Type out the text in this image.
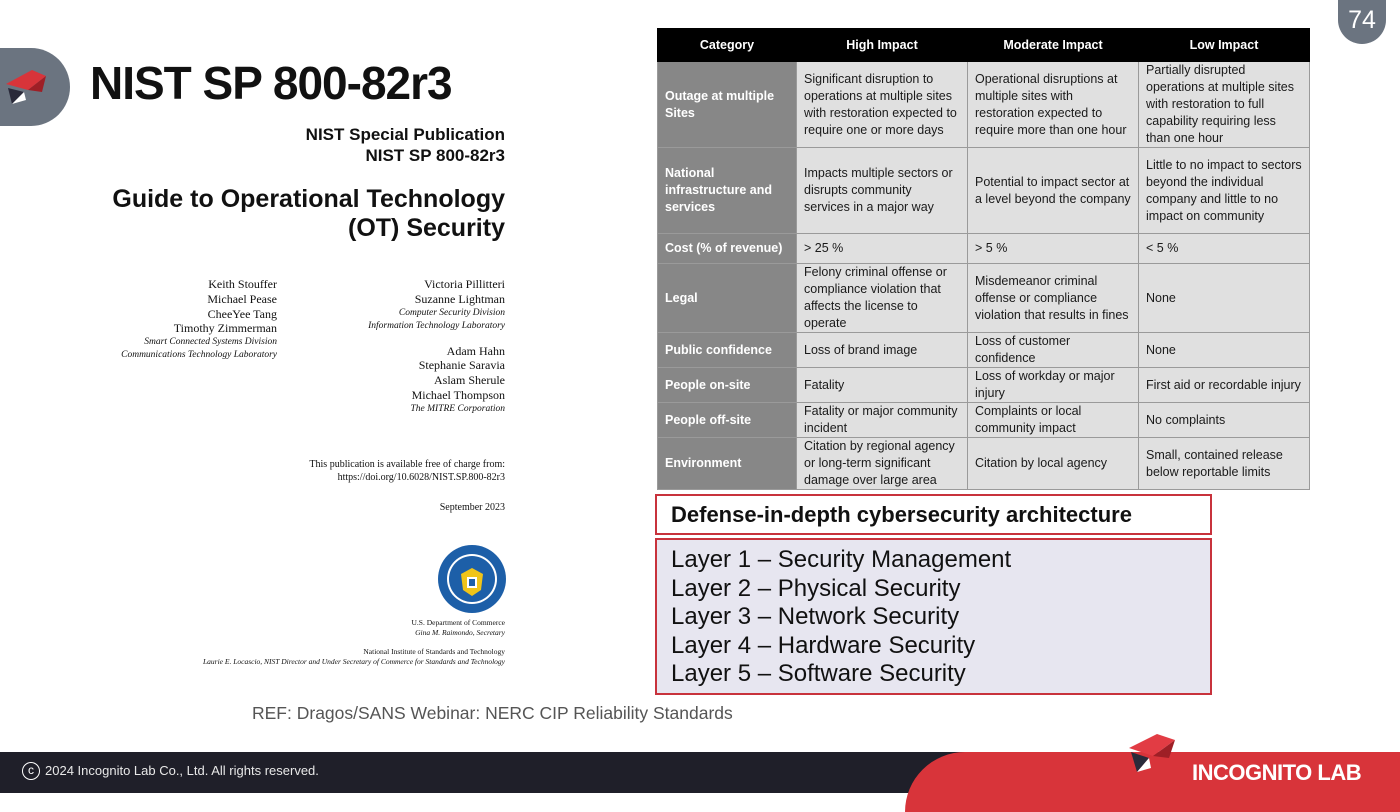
74
NIST SP 800-82r3
NIST Special Publication
NIST SP 800-82r3
Guide to Operational Technology
(OT) Security
Keith Stouffer
Michael Pease
CheeYee Tang
Timothy Zimmerman
Smart Connected Systems Division
Communications Technology Laboratory
Victoria Pillitteri
Suzanne Lightman
Computer Security Division
Information Technology Laboratory
Adam Hahn
Stephanie Saravia
Aslam Sherule
Michael Thompson
The MITRE Corporation
This publication is available free of charge from:
https://doi.org/10.6028/NIST.SP.800-82r3
September 2023
U.S. Department of Commerce
Gina M. Raimondo, Secretary
National Institute of Standards and Technology
Laurie E. Locascio, NIST Director and Under Secretary of Commerce for Standards and Technology
REF: Dragos/SANS Webinar: NERC CIP Reliability Standards
Category	High Impact	Moderate Impact	Low Impact
Outage at multiple Sites	Significant disruption to operations at multiple sites with restoration expected to require one or more days	Operational disruptions at multiple sites with restoration expected to require more than one hour	Partially disrupted operations at multiple sites with restoration to full capability requiring less than one hour
National infrastructure and services	Impacts multiple sectors or disrupts community services in a major way	Potential to impact sector at a level beyond the company	Little to no impact to sectors beyond the individual company and little to no impact on community
Cost (% of revenue)	> 25 %	> 5 %	< 5 %
Legal	Felony criminal offense or compliance violation that affects the license to operate	Misdemeanor criminal offense or compliance violation that results in fines	None
Public confidence	Loss of brand image	Loss of customer confidence	None
People on-site	Fatality	Loss of workday or major injury	First aid or recordable injury
People off-site	Fatality or major community incident	Complaints or local community impact	No complaints
Environment	Citation by regional agency or long-term significant damage over large area	Citation by local agency	Small, contained release below reportable limits
Defense-in-depth cybersecurity architecture
Layer 1 – Security Management
Layer 2 – Physical Security
Layer 3 – Network Security
Layer 4 – Hardware Security
Layer 5 – Software Security
c 2024 Incognito Lab Co., Ltd. All rights reserved.	INCOGNITO LAB
